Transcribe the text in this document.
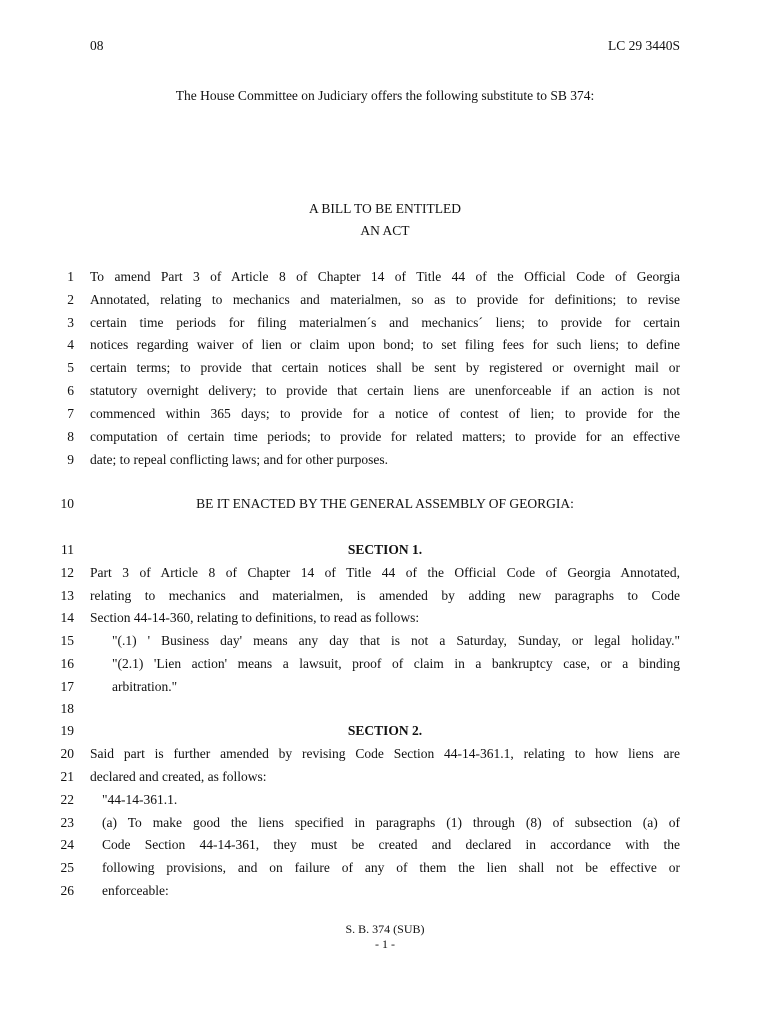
08	LC 29 3440S
The House Committee on Judiciary offers the following substitute to SB 374:
A BILL TO BE ENTITLED
AN ACT
1 To amend Part 3 of Article 8 of Chapter 14 of Title 44 of the Official Code of Georgia
2 Annotated, relating to mechanics and materialmen, so as to provide for definitions; to revise
3 certain time periods for filing materialmen´s and mechanics´ liens; to provide for certain
4 notices regarding waiver of lien or claim upon bond; to set filing fees for such liens; to define
5 certain terms; to provide that certain notices shall be sent by registered or overnight mail or
6 statutory overnight delivery; to provide that certain liens are unenforceable if an action is not
7 commenced within 365 days; to provide for a notice of contest of lien; to provide for the
8 computation of certain time periods; to provide for related matters; to provide for an effective
9 date; to repeal conflicting laws; and for other purposes.
10	BE IT ENACTED BY THE GENERAL ASSEMBLY OF GEORGIA:
11	SECTION 1.
12 Part 3 of Article 8 of Chapter 14 of Title 44 of the Official Code of Georgia Annotated,
13 relating to mechanics and materialmen, is amended by adding new paragraphs to Code
14 Section 44-14-360, relating to definitions, to read as follows:
15	"(.1) ' Business day' means any day that is not a Saturday, Sunday, or legal holiday."
16	"(2.1) 'Lien action' means a lawsuit, proof of claim in a bankruptcy case, or a binding
17	arbitration."
18
19	SECTION 2.
20 Said part is further amended by revising Code Section 44-14-361.1, relating to how liens are
21 declared and created, as follows:
22 "44-14-361.1.
23 (a) To make good the liens specified in paragraphs (1) through (8) of subsection (a) of
24 Code Section 44-14-361, they must be created and declared in accordance with the
25 following provisions, and on failure of any of them the lien shall not be effective or
26 enforceable:
S. B. 374 (SUB)
- 1 -
